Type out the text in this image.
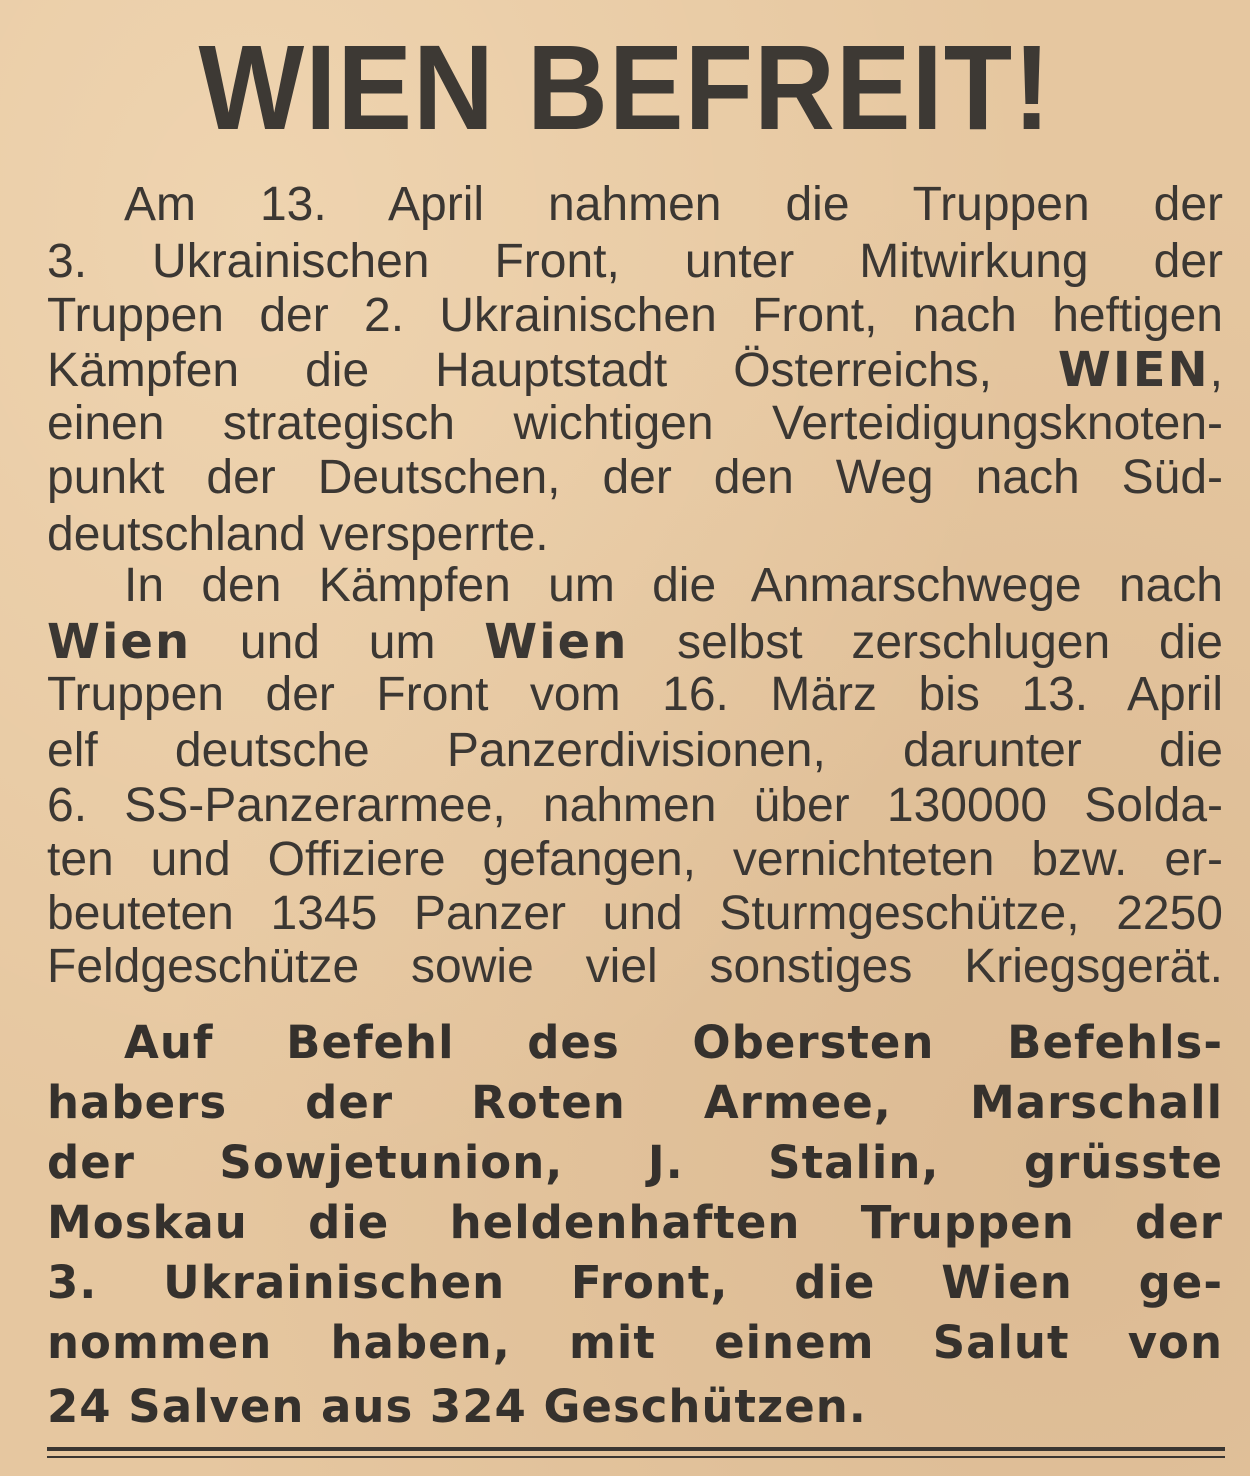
WIEN BEFREIT!
Am 13. April nahmen die Truppen der
3. Ukrainischen Front, unter Mitwirkung der
Truppen der 2. Ukrainischen Front, nach heftigen
Kämpfen die Hauptstadt Österreichs, WIEN,
einen strategisch wichtigen Verteidigungsknoten-
punkt der Deutschen, der den Weg nach Süd-
deutschland versperrte.
In den Kämpfen um die Anmarschwege nach
Wien und um Wien selbst zerschlugen die
Truppen der Front vom 16. März bis 13. April
elf deutsche Panzerdivisionen, darunter die
6. SS-Panzerarmee, nahmen über 130000 Solda-
ten und Offiziere gefangen, vernichteten bzw. er-
beuteten 1345 Panzer und Sturmgeschütze, 2250
Feldgeschütze sowie viel sonstiges Kriegsgerät.
Auf Befehl des Obersten Befehls-
habers der Roten Armee, Marschall
der Sowjetunion, J. Stalin, grüsste
Moskau die heldenhaften Truppen der
3. Ukrainischen Front, die Wien ge-
nommen haben, mit einem Salut von
24 Salven aus 324 Geschützen.
